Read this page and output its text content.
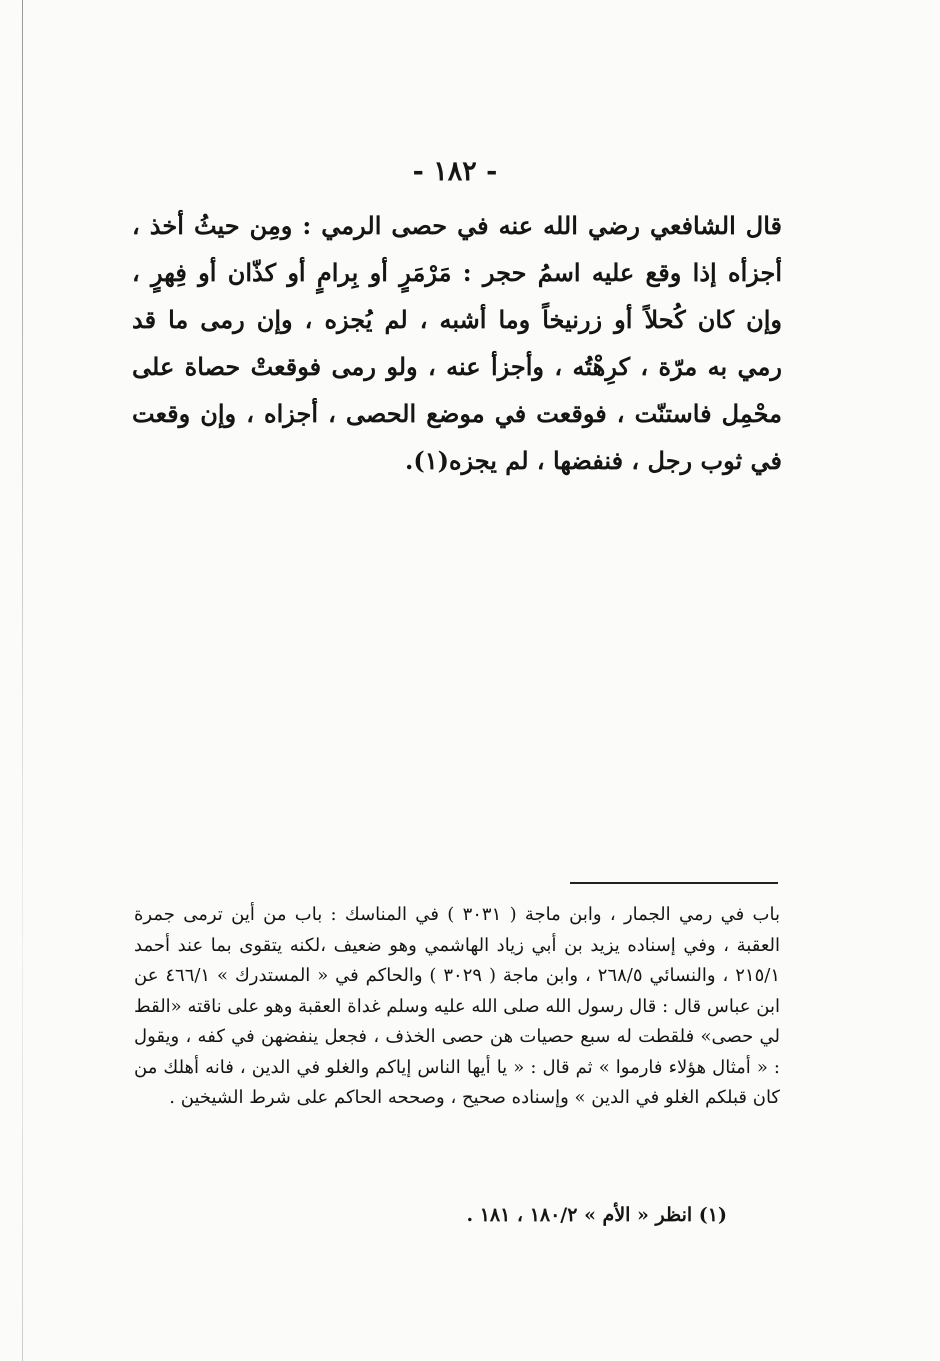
- ١٨٢ -

قال الشافعي رضي الله عنه في حصى الرمي : ومِن حيثُ أخذ ، أجزأه إذا وقع عليه اسمُ حجر : مَرْمَرٍ أو بِرامٍ أو كذّان أو فِهرٍ ، وإن كان كُحلاً أو زرنيخاً وما أشبه ، لم يُجزه ، وإن رمى ما قد رمي به مرّة ، كرِهْتُه ، وأجزأ عنه ، ولو رمى فوقعتْ حصاة على محْمِل فاستنّت ، فوقعت في موضع الحصى ، أجزاه ، وإن وقعت في ثوب رجل ، فنفضها ، لم يجزه(١).

باب في رمي الجمار ، وابن ماجة ( ٣٠٣١ ) في المناسك : باب من أين ترمى جمرة العقبة ، وفي إسناده يزيد بن أبي زياد الهاشمي وهو ضعيف ،لكنه يتقوى بما عند أحمد ٢١٥/١ ، والنسائي ٢٦٨/٥ ، وابن ماجة ( ٣٠٢٩ ) والحاكم في « المستدرك » ٤٦٦/١ عن ابن عباس قال : قال رسول الله صلى الله عليه وسلم غداة العقبة وهو على ناقته «القط لي حصى» فلقطت له سبع حصيات هن حصى الخذف ، فجعل ينفضهن في كفه ، ويقول : « أمثال هؤلاء فارموا » ثم قال : « يا أيها الناس إياكم والغلو في الدين ، فانه أهلك من كان قبلكم الغلو في الدين » وإسناده صحيح ، وصححه الحاكم على شرط الشيخين .

(١) انظر « الأم » ١٨٠/٢ ، ١٨١ .
